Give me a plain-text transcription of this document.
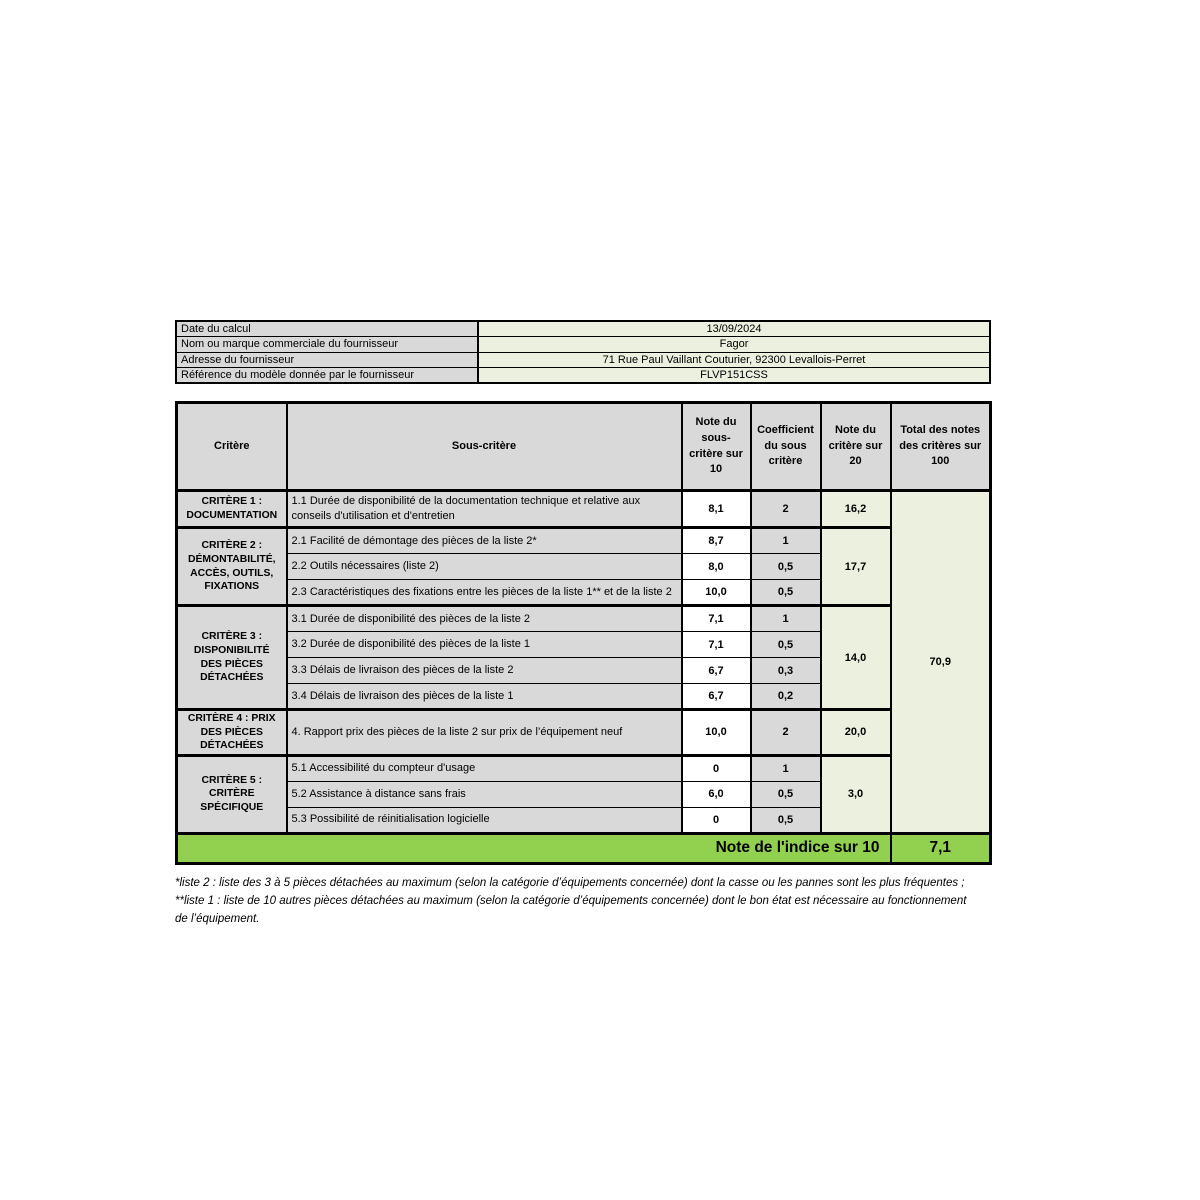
Date du calcul	13/09/2024
Nom ou marque commerciale du fournisseur	Fagor
Adresse du fournisseur	71 Rue Paul Vaillant Couturier, 92300 Levallois-Perret
Référence du modèle donnée par le fournisseur	FLVP151CSS
Critère	Sous-critère	Note du sous-critère sur 10	Coefficient du sous critère	Note du critère sur 20	Total des notes des critères sur 100
CRITÈRE 1 : DOCUMENTATION	1.1 Durée de disponibilité de la documentation technique et relative aux conseils d'utilisation et d'entretien	8,1	2	16,2	70,9
CRITÈRE 2 : DÉMONTABILITÉ, ACCÈS, OUTILS, FIXATIONS	2.1 Facilité de démontage des pièces de la liste 2*	8,7	1	17,7	
	2.2 Outils nécessaires (liste 2)	8,0	0,5		
	2.3 Caractéristiques des fixations entre les pièces de la liste 1** et de la liste 2	10,0	0,5		
CRITÈRE 3 : DISPONIBILITÉ DES PIÈCES DÉTACHÉES	3.1 Durée de disponibilité des pièces de la liste 2	7,1	1	14,0	
	3.2 Durée de disponibilité des pièces de la liste 1	7,1	0,5		
	3.3 Délais de livraison des pièces de la liste 2	6,7	0,3		
	3.4 Délais de livraison des pièces de la liste 1	6,7	0,2		
CRITÈRE 4 : PRIX DES PIÈCES DÉTACHÉES	4. Rapport prix des pièces de la liste 2 sur prix de l’équipement neuf	10,0	2	20,0	
CRITÈRE 5 : CRITÈRE SPÉCIFIQUE	5.1 Accessibilité du compteur d'usage	0	1	3,0	
	5.2 Assistance à distance sans frais	6,0	0,5		
	5.3 Possibilité de réinitialisation logicielle	0	0,5		
Note de l'indice sur 10					7,1
*liste 2 : liste des 3 à 5 pièces détachées au maximum (selon la catégorie d’équipements concernée) dont la casse ou les pannes sont les plus fréquentes ;
**liste 1 : liste de 10 autres pièces détachées au maximum (selon la catégorie d’équipements concernée) dont le bon état est nécessaire au fonctionnement de l’équipement.
